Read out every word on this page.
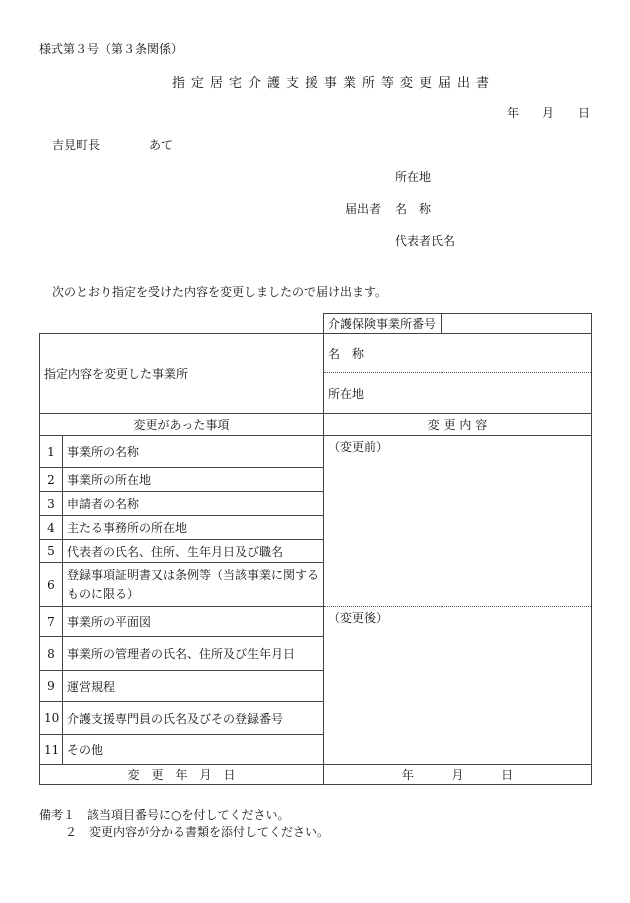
様式第３号（第３条関係）
指定居宅介護支援事業所等変更届出書
年 月 日
吉見町長	あて
所在地
届出者 名　称
代表者氏名
次のとおり指定を受けた内容を変更しましたので届け出ます。
		介護保険事業所番号	
指定内容を変更した事業所		名　称	
		所在地	
変更があった事項		変 更 内 容	
1	事業所の名称	（変更前）	
2	事業所の所在地		
3	申請者の名称		
4	主たる事務所の所在地		
5	代表者の氏名、住所、生年月日及び職名		
6	登録事項証明書又は条例等（当該事業に関するものに限る）		
7	事業所の平面図	（変更後）	
8	事業所の管理者の氏名、住所及び生年月日		
9	運営規程		
10	介護支援専門員の氏名及びその登録番号		
11	その他		
変　更　年　月　日		年 月 日	
備考１　該当項目番号に○を付してください。
２　変更内容が分かる書類を添付してください。
